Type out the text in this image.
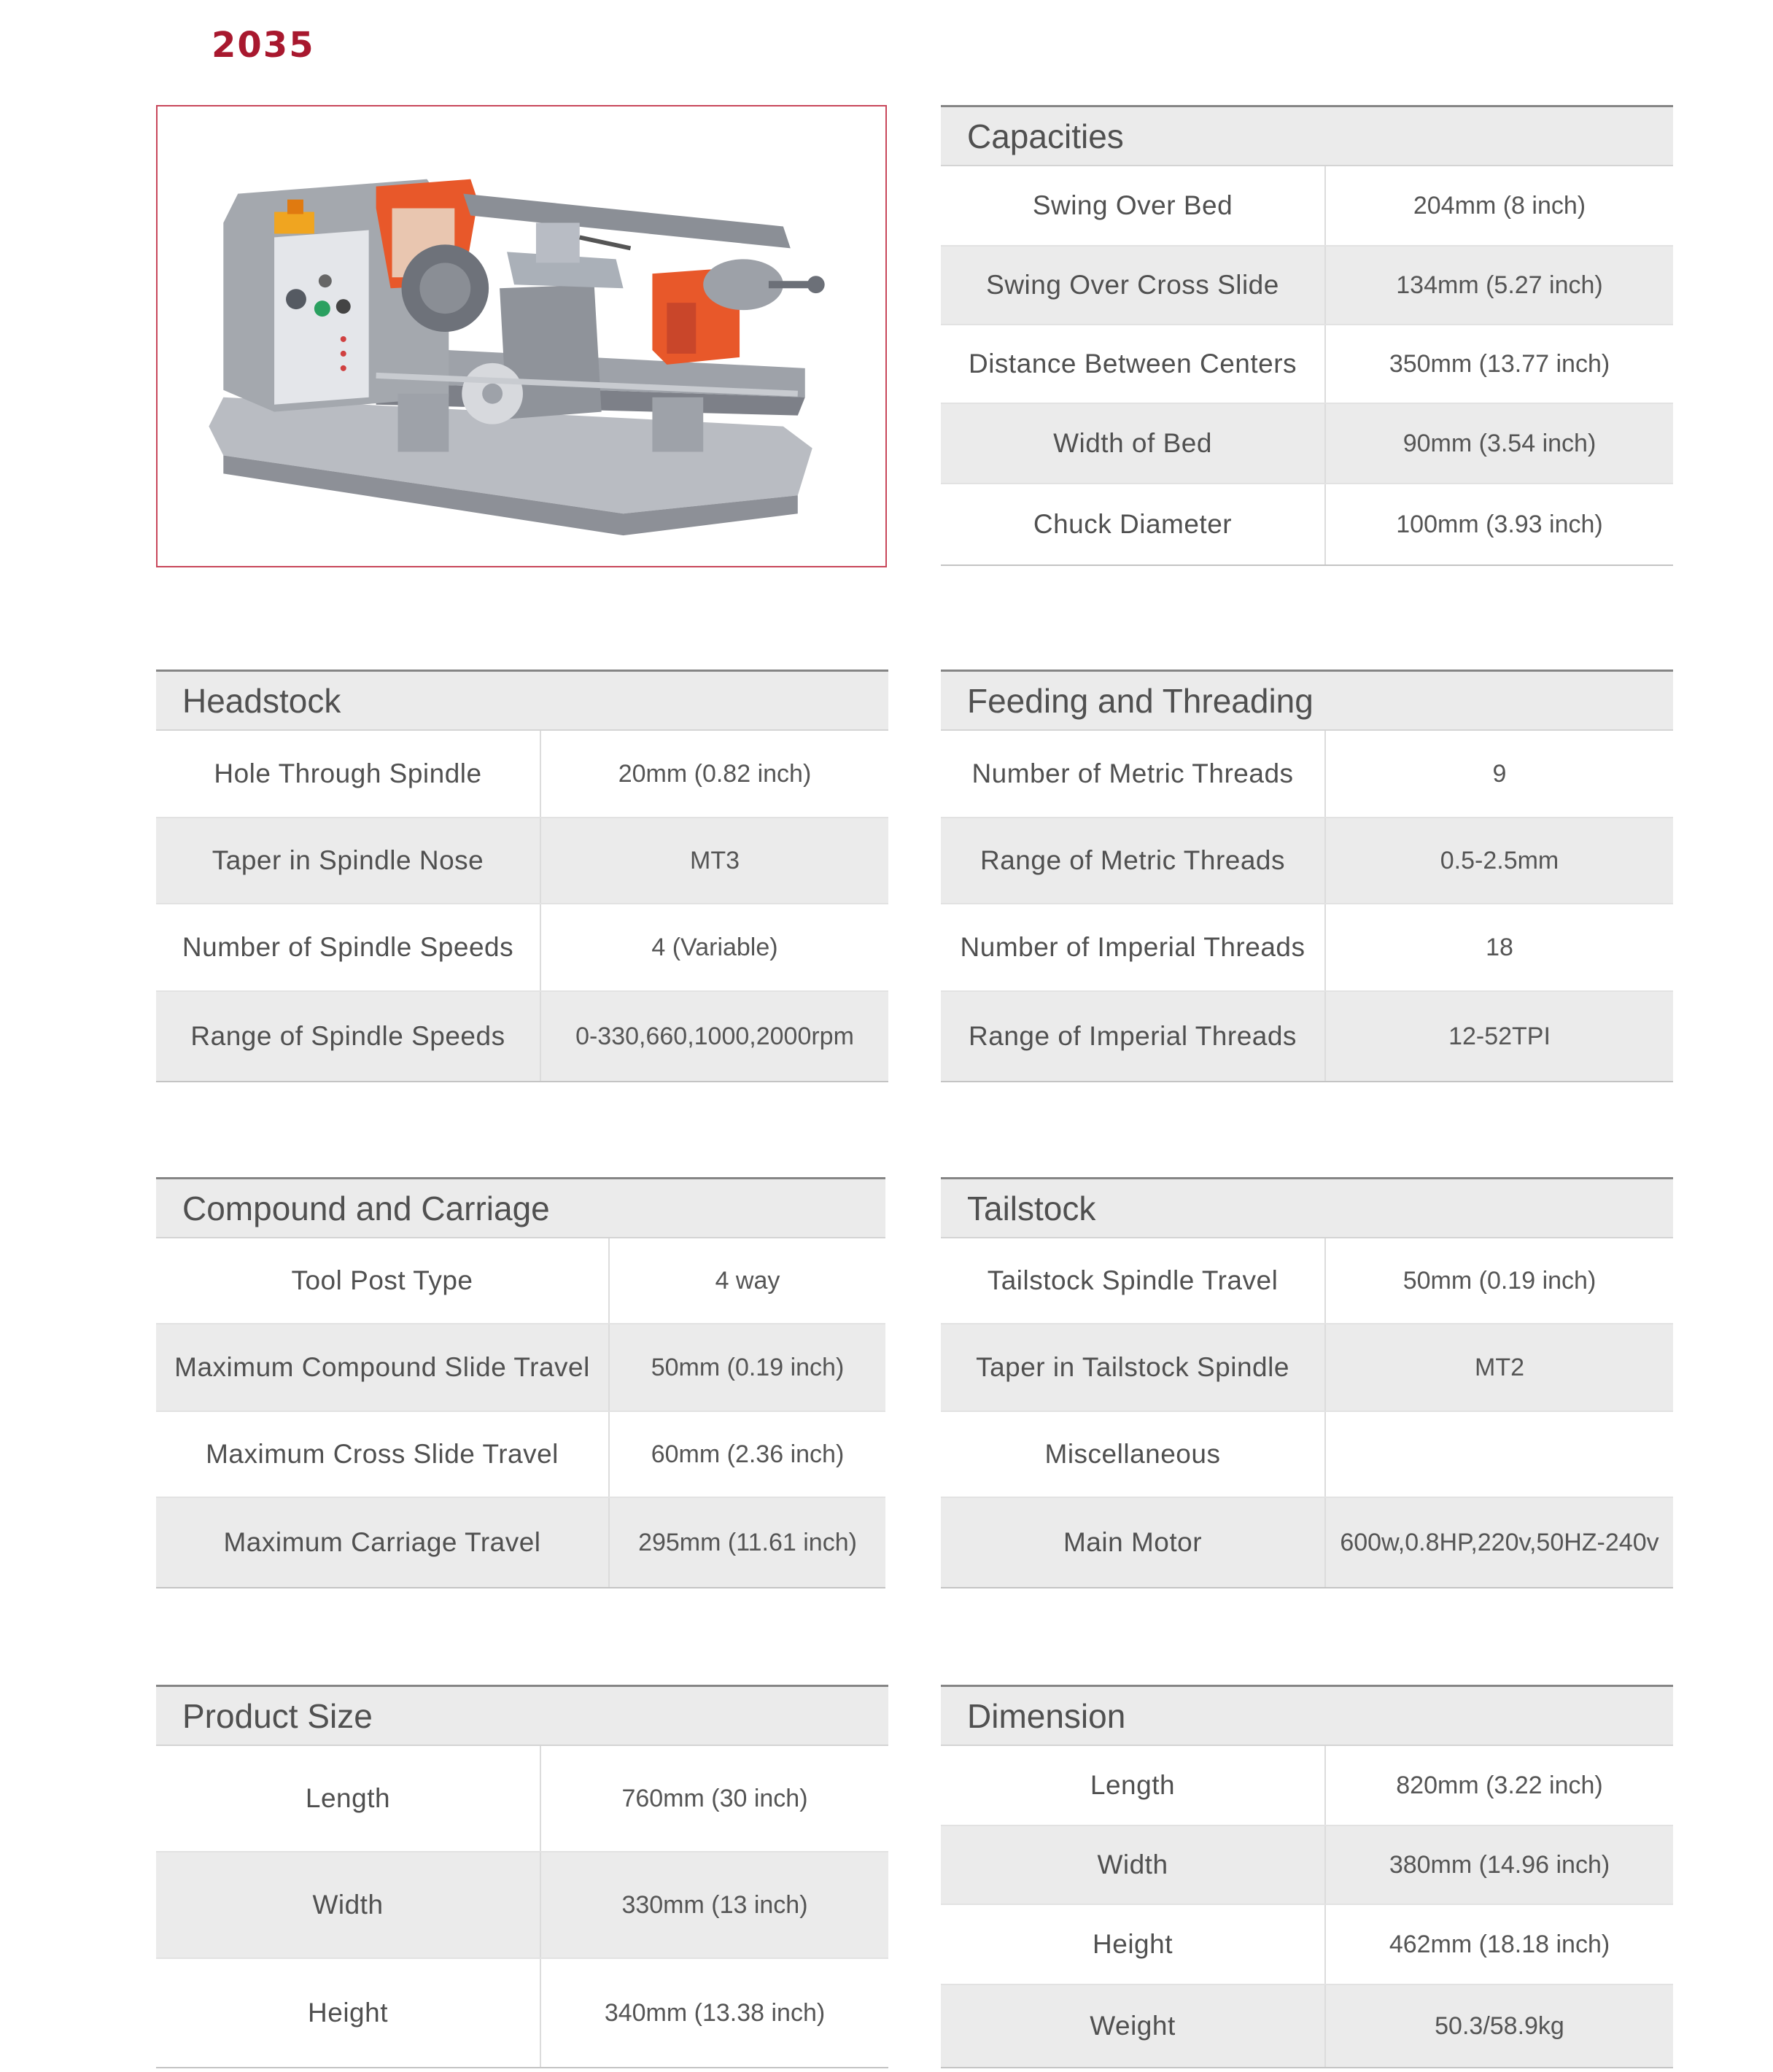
2035
Capacities
Swing Over Bed	204mm (8 inch)
Swing Over Cross Slide	134mm (5.27 inch)
Distance Between Centers	350mm (13.77 inch)
Width of Bed	90mm (3.54 inch)
Chuck Diameter	100mm (3.93 inch)
Headstock
Hole Through Spindle	20mm (0.82 inch)
Taper in Spindle Nose	MT3
Number of Spindle Speeds	4 (Variable)
Range of Spindle Speeds	0-330,660,1000,2000rpm
Feeding and Threading
Number of Metric Threads	9
Range of Metric Threads	0.5-2.5mm
Number of Imperial Threads	18
Range of Imperial Threads	12-52TPI
Compound and Carriage
Tool Post Type	4 way
Maximum Compound Slide Travel	50mm (0.19 inch)
Maximum Cross Slide Travel	60mm (2.36 inch)
Maximum Carriage Travel	295mm (11.61 inch)
Tailstock
Tailstock Spindle Travel	50mm (0.19 inch)
Taper in Tailstock Spindle	MT2
Miscellaneous
Main Motor	600w,0.8HP,220v,50HZ-240v
Product Size
Length	760mm (30 inch)
Width	330mm (13 inch)
Height	340mm (13.38 inch)
Dimension
Length	820mm (3.22 inch)
Width	380mm (14.96 inch)
Height	462mm (18.18 inch)
Weight	50.3/58.9kg
